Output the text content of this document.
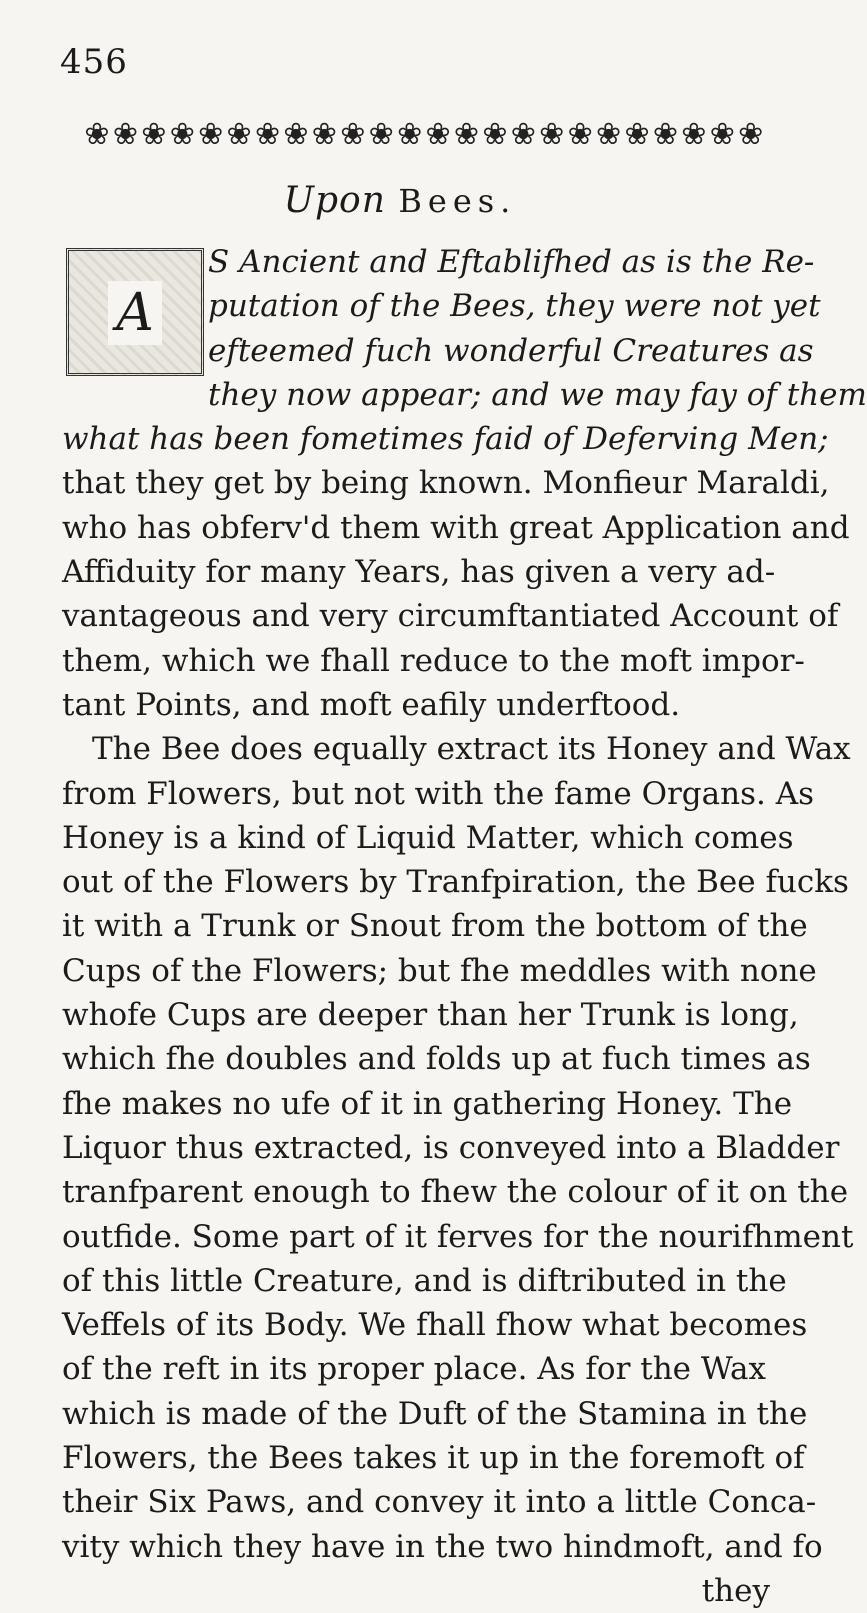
456
❀ ❀ ❀ ❀ ❀ ❀ ❀ ❀ ❀ ❀ ❀ ❀ ❀ ❀ ❀ ❀ ❀ ❀ ❀ ❀ ❀ ❀ ❀ ❀
Upon Bees.
A
S Ancient and Eftablifhed as is the Re-
putation of the Bees, they were not yet
efteemed fuch wonderful Creatures as
they now appear; and we may fay of them
what has been fometimes faid of Deferving Men;
that they get by being known. Monfieur Maraldi,
who has obferv'd them with great Application and
Affiduity for many Years, has given a very ad-
vantageous and very circumftantiated Account of
them, which we fhall reduce to the moft impor-
tant Points, and moft eafily underftood.
The Bee does equally extract its Honey and Wax
from Flowers, but not with the fame Organs. As
Honey is a kind of Liquid Matter, which comes
out of the Flowers by Tranfpiration, the Bee fucks
it with a Trunk or Snout from the bottom of the
Cups of the Flowers; but fhe meddles with none
whofe Cups are deeper than her Trunk is long,
which fhe doubles and folds up at fuch times as
fhe makes no ufe of it in gathering Honey. The
Liquor thus extracted, is conveyed into a Bladder
tranfparent enough to fhew the colour of it on the
outfide. Some part of it ferves for the nourifhment
of this little Creature, and is diftributed in the
Veffels of its Body. We fhall fhow what becomes
of the reft in its proper place. As for the Wax
which is made of the Duft of the Stamina in the
Flowers, the Bees takes it up in the foremoft of
their Six Paws, and convey it into a little Conca-
vity which they have in the two hindmoft, and fo
they
